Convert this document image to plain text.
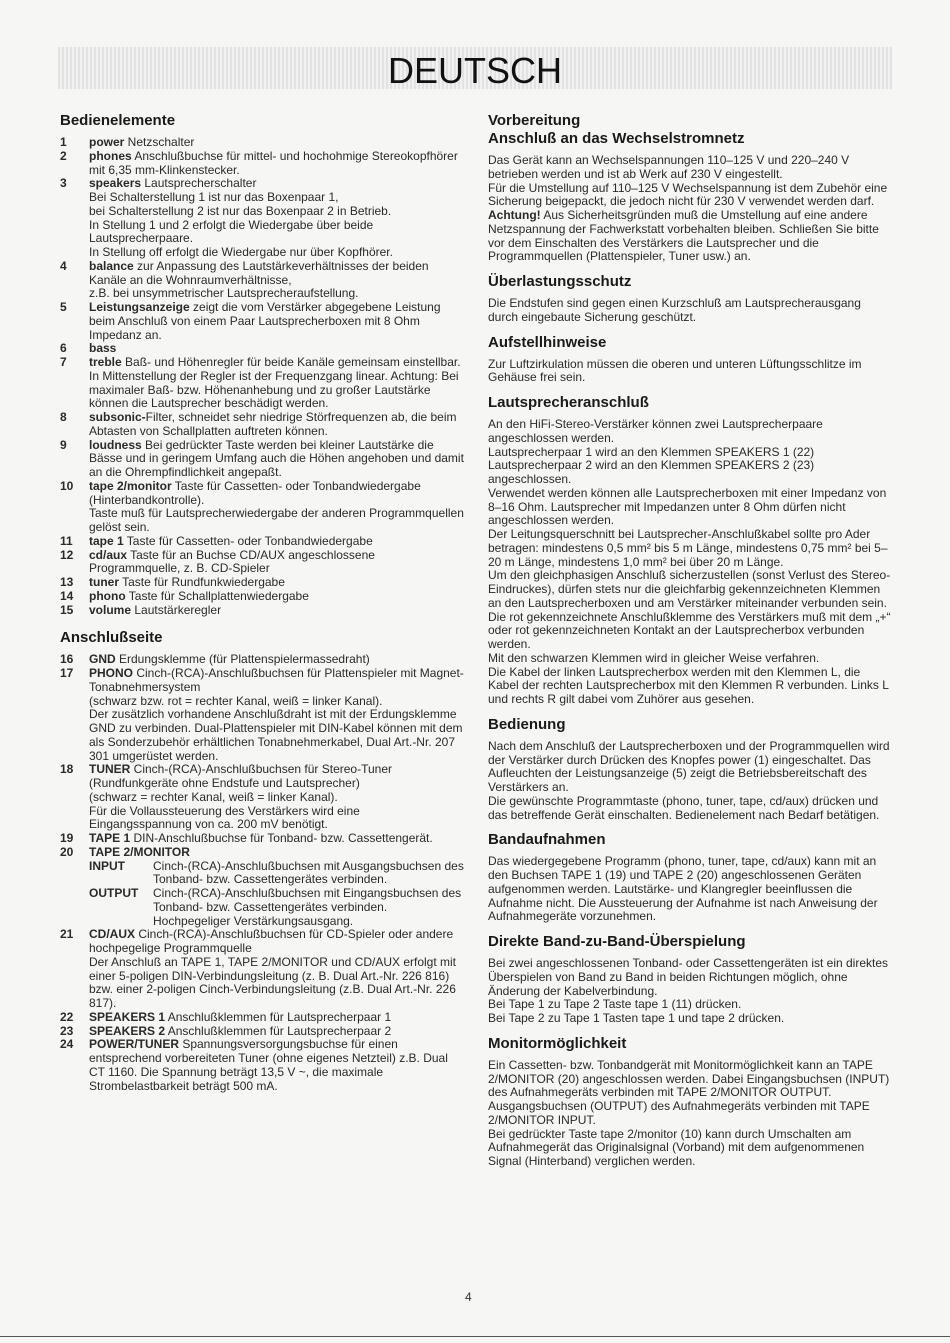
DEUTSCH
Bedienelemente
1	power Netzschalter
2	phones Anschlußbuchse für mittel- und hochohmige Stereokopfhörer mit 6,35 mm-Klinkenstecker.
3	speakers Lautsprecherschalter
Bei Schalterstellung 1 ist nur das Boxenpaar 1,
bei Schalterstellung 2 ist nur das Boxenpaar 2 in Betrieb.
In Stellung 1 und 2 erfolgt die Wiedergabe über beide Lautsprecherpaare.
In Stellung off erfolgt die Wiedergabe nur über Kopfhörer.
4	balance zur Anpassung des Lautstärkeverhältnisses der beiden Kanäle an die Wohnraumverhältnisse,
z.B. bei unsymmetrischer Lautsprecheraufstellung.
5	Leistungsanzeige zeigt die vom Verstärker abgegebene Leistung beim Anschluß von einem Paar Lautsprecherboxen mit 8 Ohm Impedanz an.
6	bass
7	treble Baß- und Höhenregler für beide Kanäle gemeinsam einstellbar. In Mittenstellung der Regler ist der Frequenzgang linear. Achtung: Bei maximaler Baß- bzw. Höhenanhebung und zu großer Lautstärke können die Lautsprecher beschädigt werden.
8	subsonic-Filter, schneidet sehr niedrige Störfrequenzen ab, die beim Abtasten von Schallplatten auftreten können.
9	loudness Bei gedrückter Taste werden bei kleiner Lautstärke die Bässe und in geringem Umfang auch die Höhen angehoben und damit an die Ohrempfindlichkeit angepaßt.
10	tape 2/monitor Taste für Cassetten- oder Tonbandwiedergabe (Hinterbandkontrolle).
Taste muß für Lautsprecherwiedergabe der anderen Programmquellen gelöst sein.
11	tape 1 Taste für Cassetten- oder Tonbandwiedergabe
12	cd/aux Taste für an Buchse CD/AUX angeschlossene Programmquelle, z. B. CD-Spieler
13	tuner Taste für Rundfunkwiedergabe
14	phono Taste für Schallplattenwiedergabe
15	volume Lautstärkeregler
Anschlußseite
16	GND Erdungsklemme (für Plattenspielermassedraht)
17	PHONO Cinch-(RCA)-Anschlußbuchsen für Plattenspieler mit Magnet-Tonabnehmersystem
(schwarz bzw. rot = rechter Kanal, weiß = linker Kanal).
Der zusätzlich vorhandene Anschlußdraht ist mit der Erdungsklemme GND zu verbinden. Dual-Plattenspieler mit DIN-Kabel können mit dem als Sonderzubehör erhältlichen Tonabnehmerkabel, Dual Art.-Nr. 207 301 umgerüstet werden.
18	TUNER Cinch-(RCA)-Anschlußbuchsen für Stereo-Tuner (Rundfunkgeräte ohne Endstufe und Lautsprecher)
(schwarz = rechter Kanal, weiß = linker Kanal).
Für die Vollaussteuerung des Verstärkers wird eine Eingangsspannung von ca. 200 mV benötigt.
19	TAPE 1 DIN-Anschlußbuchse für Tonband- bzw. Cassettengerät.
20	TAPE 2/MONITOR
INPUT	Cinch-(RCA)-Anschlußbuchsen mit Ausgangsbuchsen des Tonband- bzw. Cassettengerätes verbinden.
OUTPUT	Cinch-(RCA)-Anschlußbuchsen mit Eingangsbuchsen des Tonband- bzw. Cassettengerätes verbinden.
Hochpegeliger Verstärkungsausgang.
21	CD/AUX Cinch-(RCA)-Anschlußbuchsen für CD-Spieler oder andere hochpegelige Programmquelle
Der Anschluß an TAPE 1, TAPE 2/MONITOR und CD/AUX erfolgt mit einer 5-poligen DIN-Verbindungsleitung (z. B. Dual Art.-Nr. 226 816) bzw. einer 2-poligen Cinch-Verbindungsleitung (z.B. Dual Art.-Nr. 226 817).
22	SPEAKERS 1 Anschlußklemmen für Lautsprecherpaar 1
23	SPEAKERS 2 Anschlußklemmen für Lautsprecherpaar 2
24	POWER/TUNER Spannungsversorgungsbuchse für einen entsprechend vorbereiteten Tuner (ohne eigenes Netzteil) z.B. Dual CT 1160. Die Spannung beträgt 13,5 V ~, die maximale Strombelastbarkeit beträgt 500 mA.
Vorbereitung
Anschluß an das Wechselstromnetz
Das Gerät kann an Wechselspannungen 110–125 V und 220–240 V betrieben werden und ist ab Werk auf 230 V eingestellt.
Für die Umstellung auf 110–125 V Wechselspannung ist dem Zubehör eine Sicherung beigepackt, die jedoch nicht für 230 V verwendet werden darf.
Achtung! Aus Sicherheitsgründen muß die Umstellung auf eine andere Netzspannung der Fachwerkstatt vorbehalten bleiben. Schließen Sie bitte vor dem Einschalten des Verstärkers die Lautsprecher und die Programmquellen (Plattenspieler, Tuner usw.) an.
Überlastungsschutz
Die Endstufen sind gegen einen Kurzschluß am Lautsprecherausgang durch eingebaute Sicherung geschützt.
Aufstellhinweise
Zur Luftzirkulation müssen die oberen und unteren Lüftungsschlitze im Gehäuse frei sein.
Lautsprecheranschluß
An den HiFi-Stereo-Verstärker können zwei Lautsprecherpaare angeschlossen werden.
Lautsprecherpaar 1 wird an den Klemmen SPEAKERS 1 (22)
Lautsprecherpaar 2 wird an den Klemmen SPEAKERS 2 (23) angeschlossen.
Verwendet werden können alle Lautsprecherboxen mit einer Impedanz von 8–16 Ohm. Lautsprecher mit Impedanzen unter 8 Ohm dürfen nicht angeschlossen werden.
Der Leitungsquerschnitt bei Lautsprecher-Anschlußkabel sollte pro Ader betragen: mindestens 0,5 mm² bis 5 m Länge, mindestens 0,75 mm² bei 5–20 m Länge, mindestens 1,0 mm² bei über 20 m Länge.
Um den gleichphasigen Anschluß sicherzustellen (sonst Verlust des Stereo-Eindruckes), dürfen stets nur die gleichfarbig gekennzeichneten Klemmen an den Lautsprecherboxen und am Verstärker miteinander verbunden sein.
Die rot gekennzeichnete Anschlußklemme des Verstärkers muß mit dem „+“ oder rot gekennzeichneten Kontakt an der Lautsprecherbox verbunden werden.
Mit den schwarzen Klemmen wird in gleicher Weise verfahren.
Die Kabel der linken Lautsprecherbox werden mit den Klemmen L, die Kabel der rechten Lautsprecherbox mit den Klemmen R verbunden. Links L und rechts R gilt dabei vom Zuhörer aus gesehen.
Bedienung
Nach dem Anschluß der Lautsprecherboxen und der Programmquellen wird der Verstärker durch Drücken des Knopfes power (1) eingeschaltet. Das Aufleuchten der Leistungsanzeige (5) zeigt die Betriebsbereitschaft des Verstärkers an.
Die gewünschte Programmtaste (phono, tuner, tape, cd/aux) drücken und das betreffende Gerät einschalten. Bedienelement nach Bedarf betätigen.
Bandaufnahmen
Das wiedergegebene Programm (phono, tuner, tape, cd/aux) kann mit an den Buchsen TAPE 1 (19) und TAPE 2 (20) angeschlossenen Geräten aufgenommen werden. Lautstärke- und Klangregler beeinflussen die Aufnahme nicht. Die Aussteuerung der Aufnahme ist nach Anweisung der Aufnahmegeräte vorzunehmen.
Direkte Band-zu-Band-Überspielung
Bei zwei angeschlossenen Tonband- oder Cassettengeräten ist ein direktes Überspielen von Band zu Band in beiden Richtungen möglich, ohne Änderung der Kabelverbindung.
Bei Tape 1 zu Tape 2 Taste tape 1 (11) drücken.
Bei Tape 2 zu Tape 1 Tasten tape 1 und tape 2 drücken.
Monitormöglichkeit
Ein Cassetten- bzw. Tonbandgerät mit Monitormöglichkeit kann an TAPE 2/MONITOR (20) angeschlossen werden. Dabei Eingangsbuchsen (INPUT) des Aufnahmegeräts verbinden mit TAPE 2/MONITOR OUTPUT. Ausgangsbuchsen (OUTPUT) des Aufnahmegeräts verbinden mit TAPE 2/MONITOR INPUT.
Bei gedrückter Taste tape 2/monitor (10) kann durch Umschalten am Aufnahmegerät das Originalsignal (Vorband) mit dem aufgenommenen Signal (Hinterband) verglichen werden.
4
